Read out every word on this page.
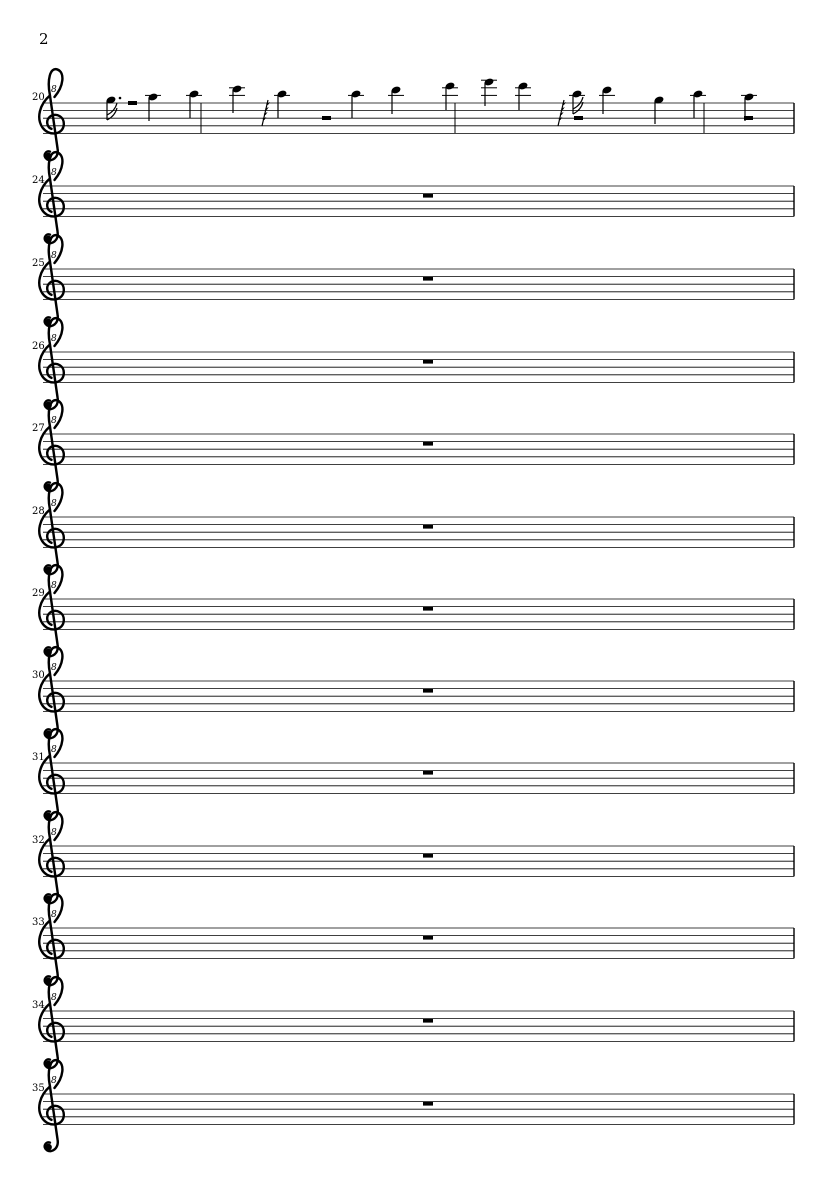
2
20
8
24
8
25
8
26
8
27
8
28
8
29
8
30
8
31
8
32
8
33
8
34
8
35
8
